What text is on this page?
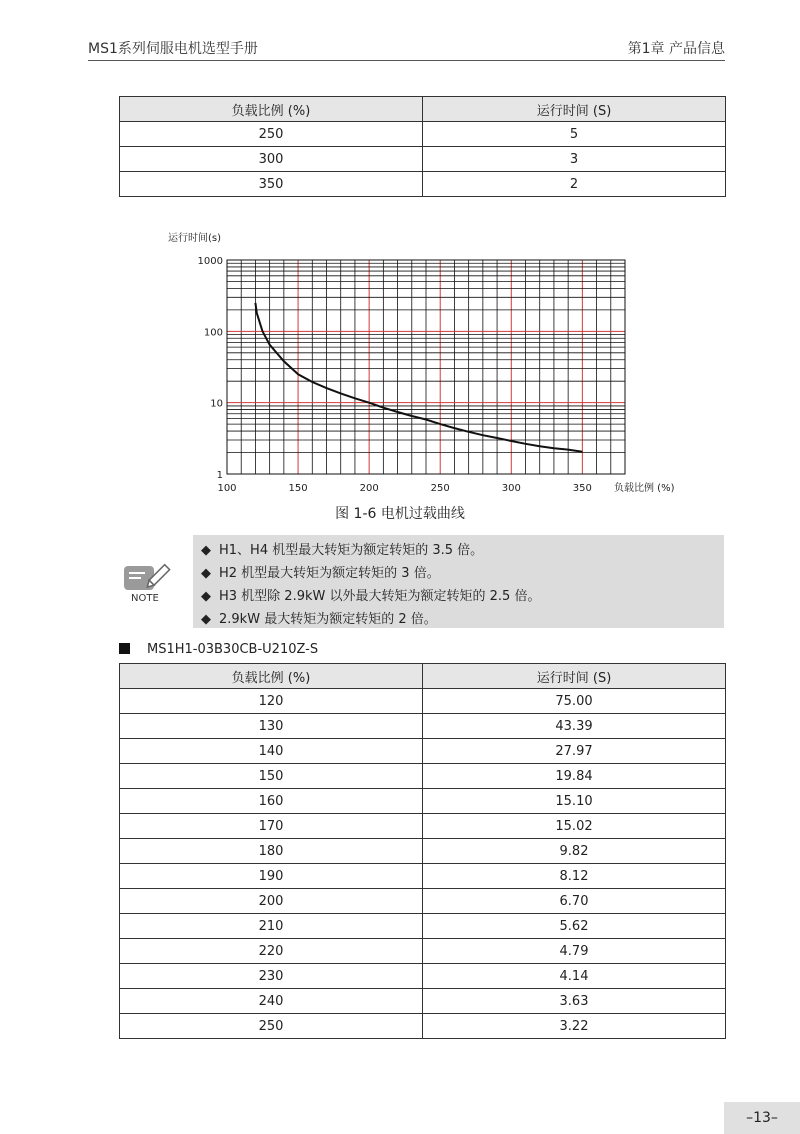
MS1系列伺服电机选型手册	第1章 产品信息
负载比例 (%)	运行时间 (S)
250	5
300	3
350	2
运行时间(s)
负载比例 (%)
100	150	200	250	300	350
1
10
100
1000
图 1-6 电机过载曲线
NOTE
◆ H1、H4 机型最大转矩为额定转矩的 3.5 倍。
◆ H2 机型最大转矩为额定转矩的 3 倍。
◆ H3 机型除 2.9kW 以外最大转矩为额定转矩的 2.5 倍。
◆ 2.9kW 最大转矩为额定转矩的 2 倍。
MS1H1-03B30CB-U210Z-S
负载比例 (%)	运行时间 (S)
120	75.00
130	43.39
140	27.97
150	19.84
160	15.10
170	15.02
180	9.82
190	8.12
200	6.70
210	5.62
220	4.79
230	4.14
240	3.63
250	3.22
–13–
